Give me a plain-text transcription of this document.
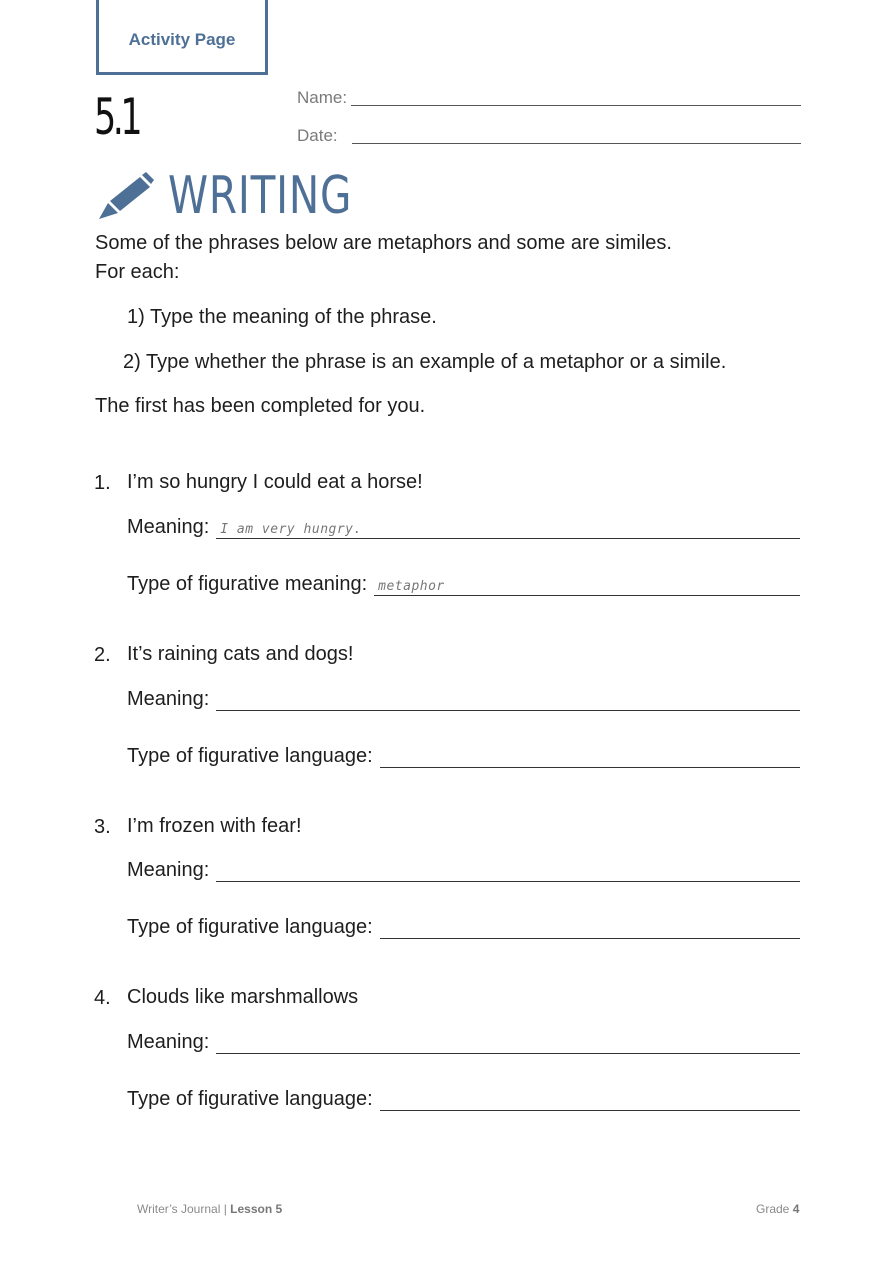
Activity Page
5.1	Name:
Date:
WRITING
Some of the phrases below are metaphors and some are similes.
For each:
1) Type the meaning of the phrase.
2) Type whether the phrase is an example of a metaphor or a simile.
The first has been completed for you.
1. I’m so hungry I could eat a horse!
Meaning: I am very hungry.
Type of figurative meaning: metaphor
2. It’s raining cats and dogs!
Meaning:
Type of figurative language:
3. I’m frozen with fear!
Meaning:
Type of figurative language:
4. Clouds like marshmallows
Meaning:
Type of figurative language:
Writer’s Journal | Lesson 5	Grade 4
